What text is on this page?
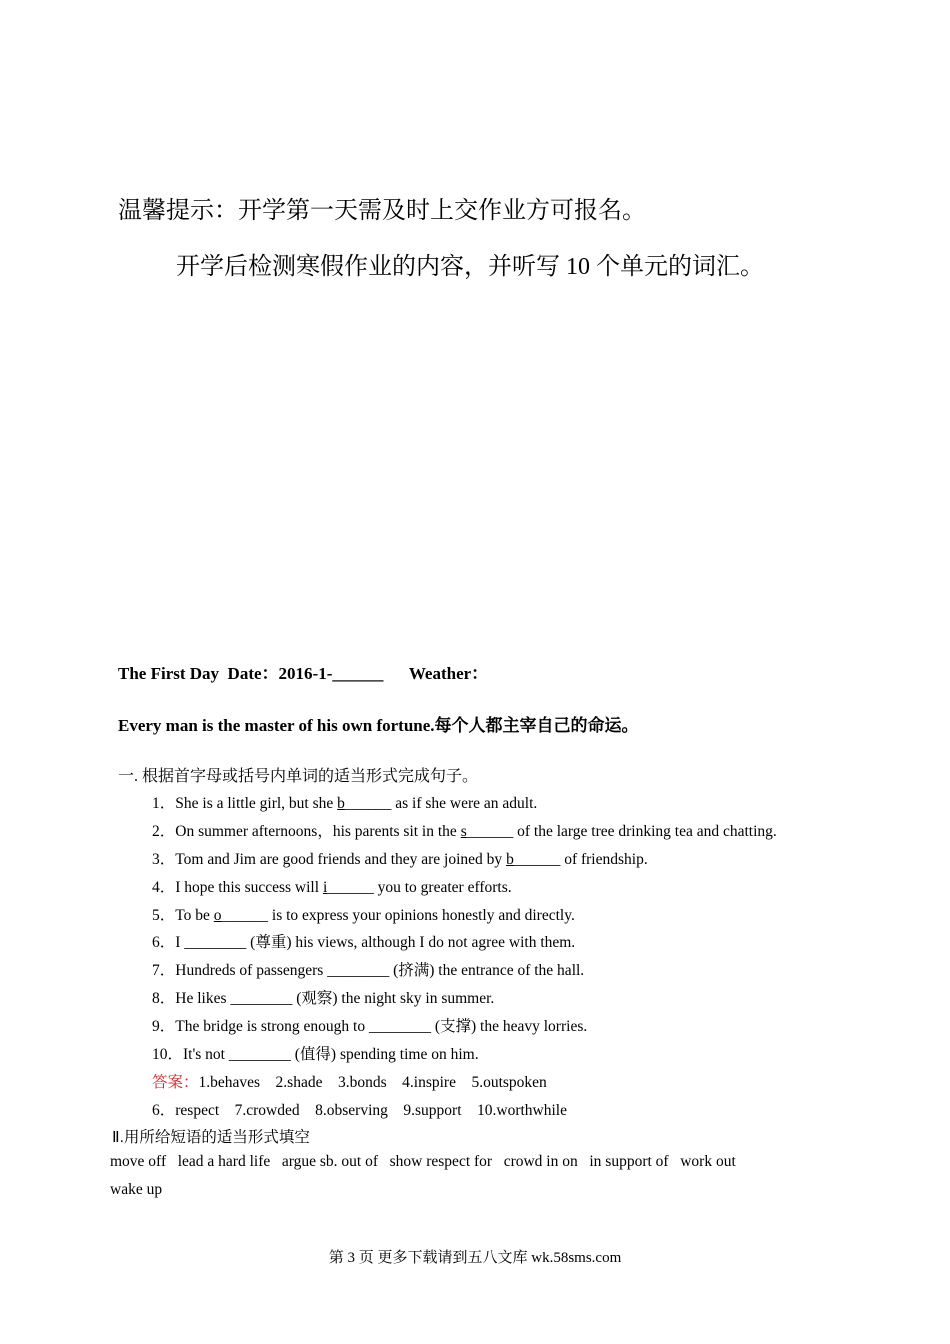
温馨提示：开学第一天需及时上交作业方可报名。
开学后检测寒假作业的内容，并听写 10 个单元的词汇。
The First Day Date：2016-1-______ Weather：
Every man is the master of his own fortune.每个人都主宰自己的命运。
一. 根据首字母或括号内单词的适当形式完成句子。
1．She is a little girl, but she b______ as if she were an adult.
2．On summer afternoons，his parents sit in the s______ of the large tree drinking tea and chatting.
3．Tom and Jim are good friends and they are joined by b______ of friendship.
4．I hope this success will i______ you to greater efforts.
5．To be o______ is to express your opinions honestly and directly.
6．I ________ (尊重) his views, although I do not agree with them.
7．Hundreds of passengers ________ (挤满) the entrance of the hall.
8．He likes ________ (观察) the night sky in summer.
9．The bridge is strong enough to ________ (支撑) the heavy lorries.
10．It's not ________ (值得) spending time on him.
答案：1.behaves    2.shade    3.bonds    4.inspire    5.outspoken
6．respect    7.crowded    8.observing    9.support    10.worthwhile
Ⅱ.用所给短语的适当形式填空
move off   lead a hard life   argue sb. out of   show respect for   crowd in on   in support of   work out
wake up
第 3 页 更多下载请到五八文库 wk.58sms.com
